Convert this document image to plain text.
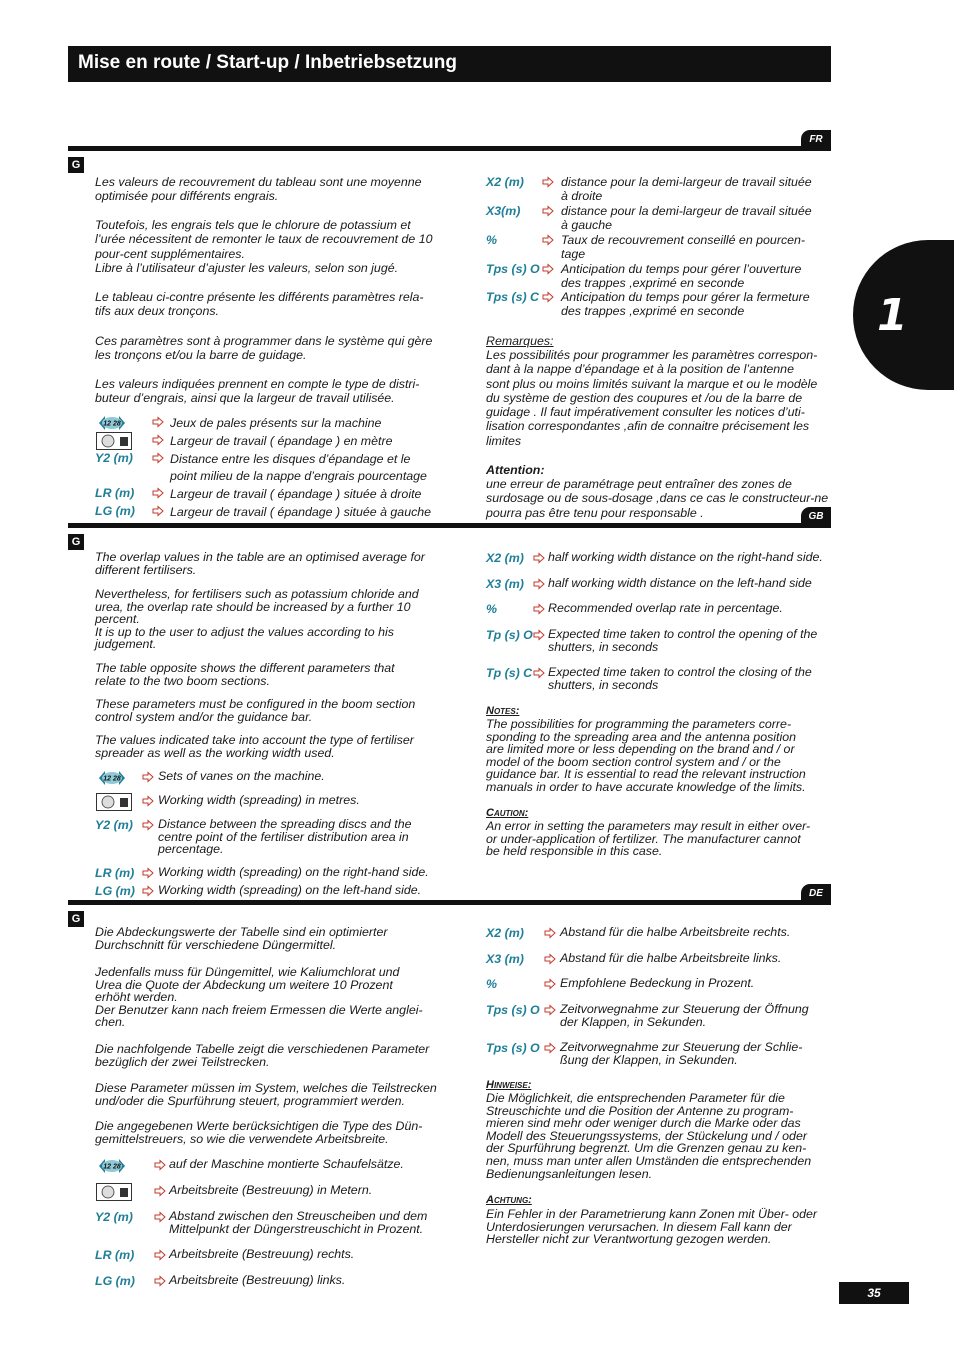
Mise en route / Start-up / Inbetriebsetzung
1
FR
G
Les valeurs de recouvrement du tableau sont une moyenne
optimisée pour différents engrais.
Toutefois, les engrais tels que le chlorure de potassium et
l’urée nécessitent de remonter le taux de recouvrement de 10
pour-cent supplémentaires.
Libre à l’utilisateur d’ajuster les valeurs, selon son jugé.
Le tableau ci-contre présente les différents paramètres rela-
tifs aux deux tronçons.
Ces paramètres sont à programmer dans le système qui gère
les tronçons et/ou la barre de guidage.
Les valeurs indiquées prennent en compte le type de distri-
buteur d’engrais, ainsi que la largeur de travail utilisée.
12 28	Jeux de pales présents sur la machine
Largeur de travail ( épandage ) en mètre
Y2 (m)	Distance entre les disques d’épandage et le
point milieu de la nappe d’engrais pourcentage
LR (m)	Largeur de travail ( épandage ) située à droite
LG (m)	Largeur de travail ( épandage ) située à gauche
X2 (m)	distance pour la demi-largeur de travail située
à droite
X3(m)	distance pour la demi-largeur de travail située
à gauche
%	Taux de recouvrement conseillé en pourcen-
tage
Tps (s) O Anticipation du temps pour gérer l’ouverture
des trappes ,exprimé en seconde
Tps (s) C Anticipation du temps pour gérer la fermeture
des trappes ,exprimé en seconde
Remarques:
Les possibilités pour programmer les paramètres correspon-
dant à la nappe d’épandage et à la position de l’antenne
sont plus ou moins limités suivant la marque et ou le modèle
du système de gestion des coupures et /ou de la barre de
guidage . Il faut impérativement consulter les notices d’uti-
lisation correspondantes ,afin de connaitre précisement les
limites
Attention:
une erreur de paramétrage peut entraîner des zones de
surdosage ou de sous-dosage ,dans ce cas le constructeur-ne
pourra pas être tenu pour responsable .	GB
G
The overlap values in the table are an optimised average for
different fertilisers.
Nevertheless, for fertilisers such as potassium chloride and
urea, the overlap rate should be increased by a further 10
percent.
It is up to the user to adjust the values according to his
judgement.
The table opposite shows the different parameters that
relate to the two boom sections.
These parameters must be configured in the boom section
control system and/or the guidance bar.
The values indicated take into account the type of fertiliser
spreader as well as the working width used.
12 28	Sets of vanes on the machine.
Working width (spreading) in metres.
Y2 (m) Distance between the spreading discs and the
centre point of the fertiliser distribution area in
percentage.
LR (m) Working width (spreading) on the right-hand side.
LG (m) Working width (spreading) on the left-hand side.
X2 (m) half working width distance on the right-hand side.
X3 (m) half working width distance on the left-hand side
%	Recommended overlap rate in percentage.
Tp (s) O Expected time taken to control the opening of the
shutters, in seconds
Tp (s) C Expected time taken to control the closing of the
shutters, in seconds
Notes:
The possibilities for programming the parameters corre-
sponding to the spreading area and the antenna position
are limited more or less depending on the brand and / or
model of the boom section control system and / or the
guidance bar. It is essential to read the relevant instruction
manuals in order to have accurate knowledge of the limits.
Caution:
An error in setting the parameters may result in either over-
or under-application of fertilizer. The manufacturer cannot
be held responsible in this case.
DE
G
Die Abdeckungswerte der Tabelle sind ein optimierter
Durchschnitt für verschiedene Düngermittel.
Jedenfalls muss für Düngemittel, wie Kaliumchlorat und
Urea die Quote der Abdeckung um weitere 10 Prozent
erhöht werden.
Der Benutzer kann nach freiem Ermessen die Werte anglei-
chen.
Die nachfolgende Tabelle zeigt die verschiedenen Parameter
bezüglich der zwei Teilstrecken.
Diese Parameter müssen im System, welches die Teilstrecken
und/oder die Spurführung steuert, programmiert werden.
Die angegebenen Werte berücksichtigen die Type des Dün-
gemittelstreuers, so wie die verwendete Arbeitsbreite.
12 28	auf der Maschine montierte Schaufelsätze.
Arbeitsbreite (Bestreuung) in Metern.
Y2 (m)	Abstand zwischen den Streuscheiben und dem
Mittelpunkt der Düngerstreuschicht in Prozent.
LR (m)	Arbeitsbreite (Bestreuung) rechts.
LG (m)	Arbeitsbreite (Bestreuung) links.
X2 (m)	Abstand für die halbe Arbeitsbreite rechts.
X3 (m)	Abstand für die halbe Arbeitsbreite links.
%	Empfohlene Bedeckung in Prozent.
Tps (s) O Zeitvorwegnahme zur Steuerung der Öffnung
der Klappen, in Sekunden.
Tps (s) O Zeitvorwegnahme zur Steuerung der Schlie-
ßung der Klappen, in Sekunden.
Hinweise:
Die Möglichkeit, die entsprechenden Parameter für die
Streuschichte und die Position der Antenne zu program-
mieren sind mehr oder weniger durch die Marke oder das
Modell des Steuerungssystems, der Stückelung und / oder
der Spurführung begrenzt. Um die Grenzen genau zu ken-
nen, muss man unter allen Umständen die entsprechenden
Bedienungsanleitungen lesen.
Achtung:
Ein Fehler in der Parametrierung kann Zonen mit Über- oder
Unterdosierungen verursachen. In diesem Fall kann der
Hersteller nicht zur Verantwortung gezogen werden.
35
